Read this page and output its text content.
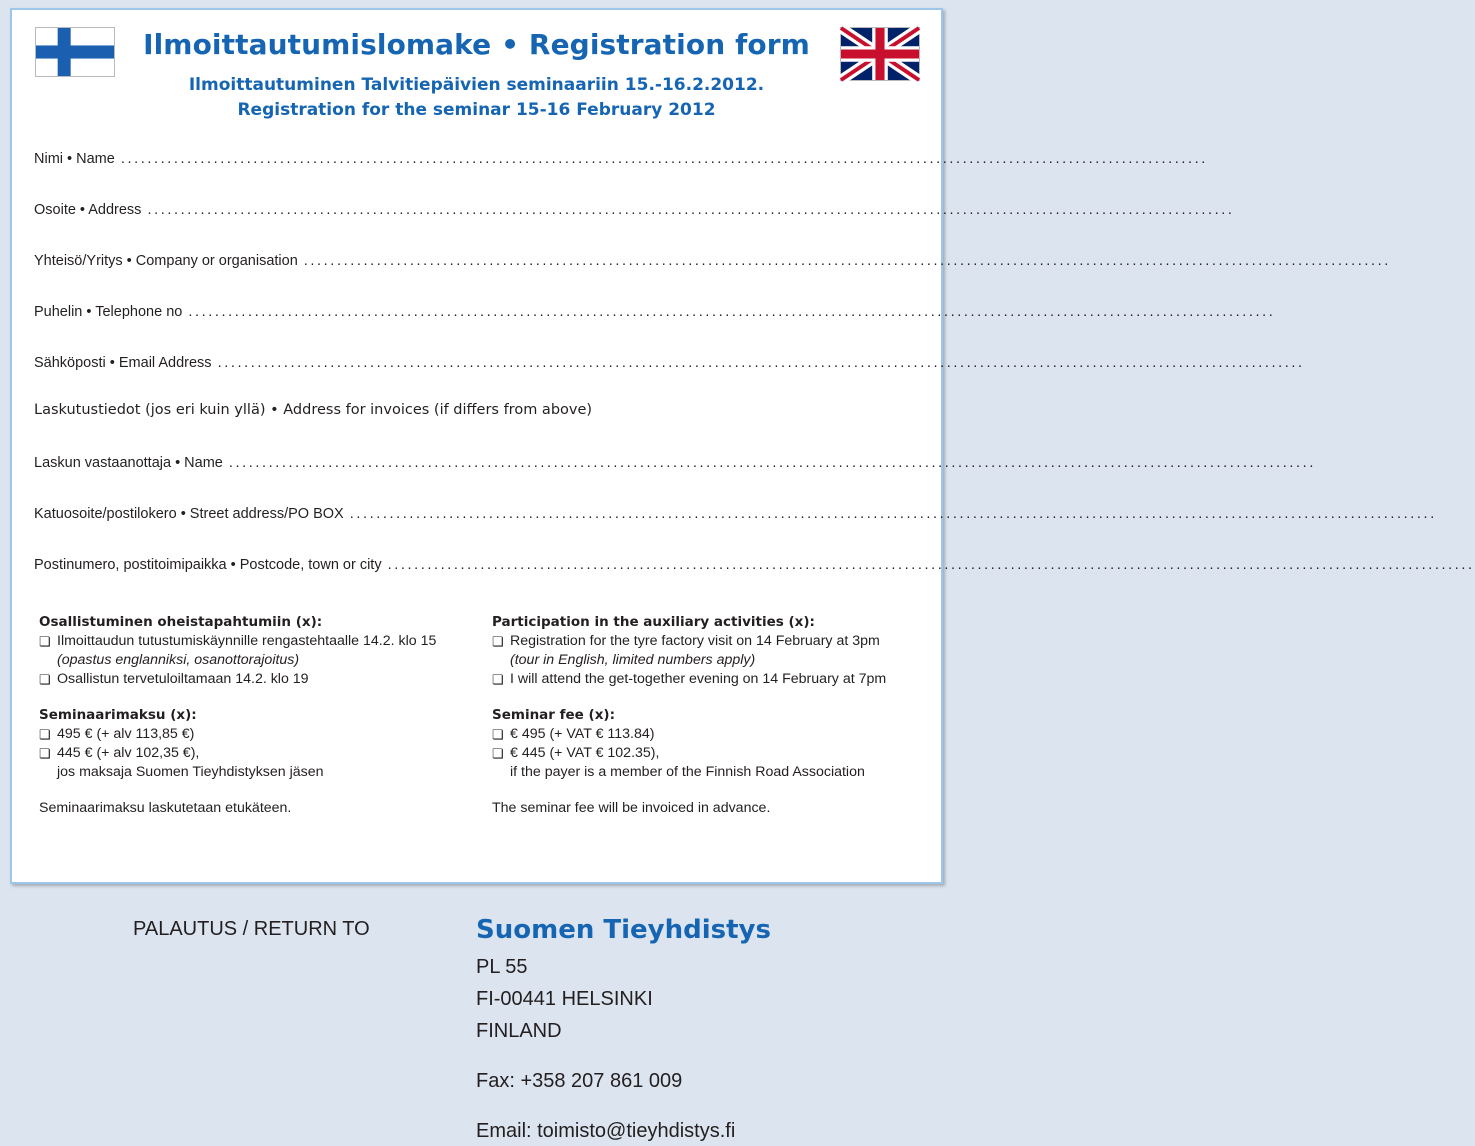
Ilmoittautumislomake • Registration form
Ilmoittautuminen Talvitiepäivien seminaariin 15.-16.2.2012.
Registration for the seminar 15-16 February 2012
Nimi • Name ....................................................................................................................................................................
Osoite • Address ....................................................................................................................................................................
Yhteisö/Yritys • Company or organisation ....................................................................................................................................................................
Puhelin • Telephone no ....................................................................................................................................................................
Sähköposti • Email Address ....................................................................................................................................................................
Laskutustiedot (jos eri kuin yllä) • Address for invoices (if differs from above)
Laskun vastaanottaja • Name ....................................................................................................................................................................
Katuosoite/postilokero • Street address/PO BOX ....................................................................................................................................................................
Postinumero, postitoimipaikka • Postcode, town or city ....................................................................................................................................................................
Osallistuminen oheistapahtumiin (x):
❏ Ilmoittaudun tutustumiskäynnille rengastehtaalle 14.2. klo 15
(opastus englanniksi, osanottorajoitus)
❏ Osallistun tervetuloiltamaan 14.2. klo 19
Seminaarimaksu (x):
❏ 495 € (+ alv 113,85 €)
❏ 445 € (+ alv 102,35 €),
jos maksaja Suomen Tieyhdistyksen jäsen
Seminaarimaksu laskutetaan etukäteen.
Participation in the auxiliary activities (x):
❏ Registration for the tyre factory visit on 14 February at 3pm
(tour in English, limited numbers apply)
❏ I will attend the get-together evening on 14 February at 7pm
Seminar fee (x):
❏ € 495 (+ VAT € 113.84)
❏ € 445 (+ VAT € 102.35),
if the payer is a member of the Finnish Road Association
The seminar fee will be invoiced in advance.
PALAUTUS / RETURN TO	Suomen Tieyhdistys
PL 55
FI-00441 HELSINKI
FINLAND
Fax: +358 207 861 009
Email: toimisto@tieyhdistys.fi
